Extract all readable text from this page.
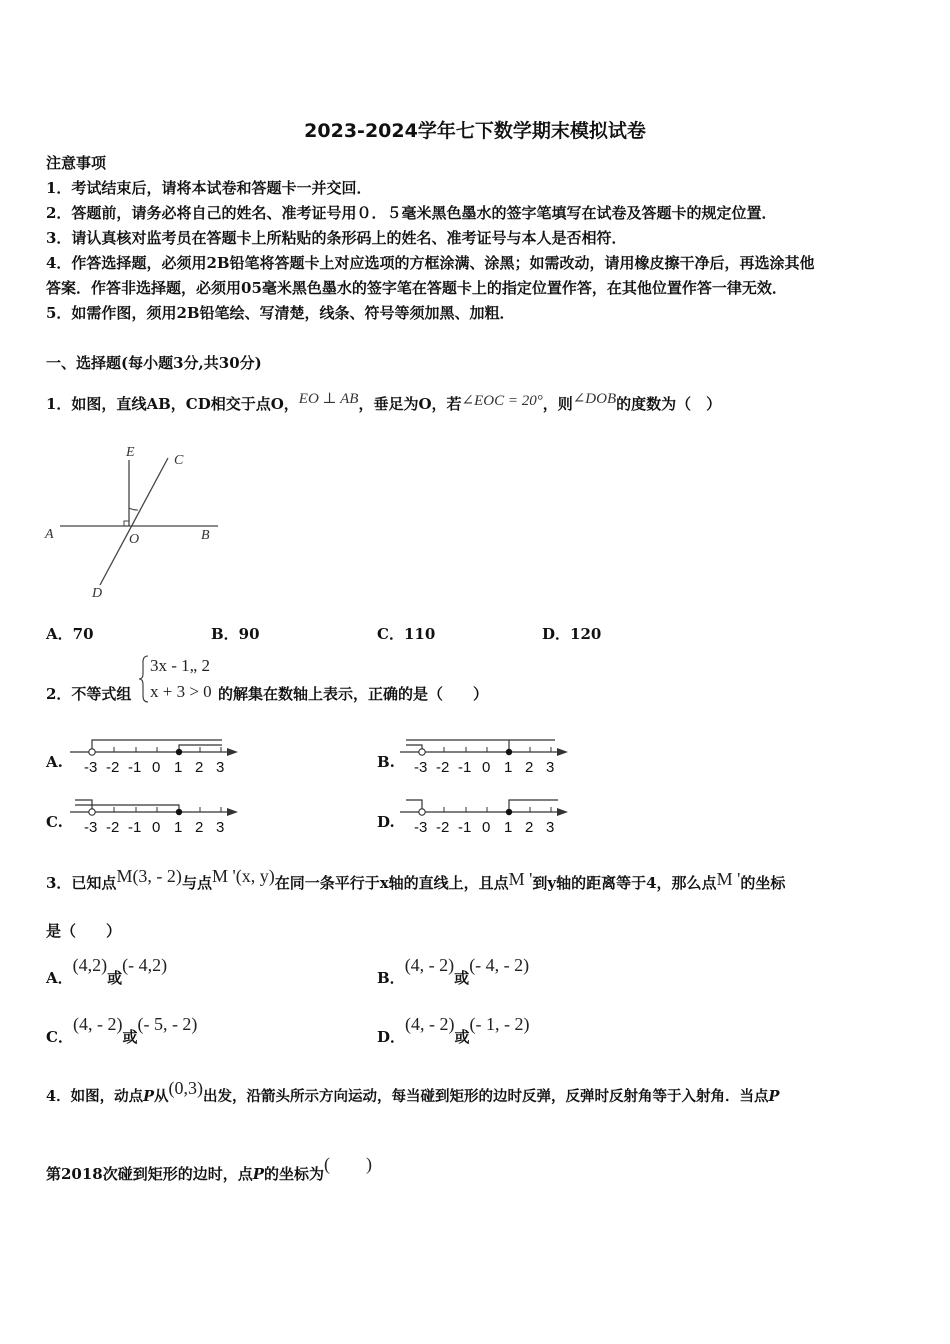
2023-2024学年七下数学期末模拟试卷
注意事项
1．考试结束后，请将本试卷和答题卡一并交回．
2．答题前，请务必将自己的姓名、准考证号用０．５毫米黑色墨水的签字笔填写在试卷及答题卡的规定位置．
3．请认真核对监考员在答题卡上所粘贴的条形码上的姓名、准考证号与本人是否相符．
4．作答选择题，必须用2B铅笔将答题卡上对应选项的方框涂满、涂黑；如需改动，请用橡皮擦干净后，再选涂其他
答案．作答非选择题，必须用05毫米黑色墨水的签字笔在答题卡上的指定位置作答，在其他位置作答一律无效．
5．如需作图，须用2B铅笔绘、写清楚，线条、符号等须加黑、加粗．
一、选择题(每小题3分,共30分)
1．如图，直线AB，CD相交于点O，EO ⊥ AB，垂足为O，若∠EOC = 20°，则∠DOB的度数为（　）
E
C
A	O	B
D
A．70	B．90	C．110	D．120
2．不等式组
3x - 1„ 2
x + 3 > 0 的解集在数轴上表示，正确的是（　　）
A.	B.
C.	D.
-3 -2 -1 0 1 2 3	-3 -2 -1 0 1 2 3
-3 -2 -1 0 1 2 3	-3 -2 -1 0 1 2 3
3．已知点M(3, - 2)与点M '(x, y)在同一条平行于x轴的直线上，且点M '到y轴的距离等于4，那么点M '的坐标
是（　　）
A．(4,2)或(- 4,2)
B．(4, - 2)或(- 4, - 2)
C．(4, - 2)或(- 5, - 2)
D．(4, - 2)或(- 1, - 2)
4．如图，动点P从(0,3)出发，沿箭头所示方向运动，每当碰到矩形的边时反弹，反弹时反射角等于入射角．当点P
第2018次碰到矩形的边时，点P的坐标为(　　)
